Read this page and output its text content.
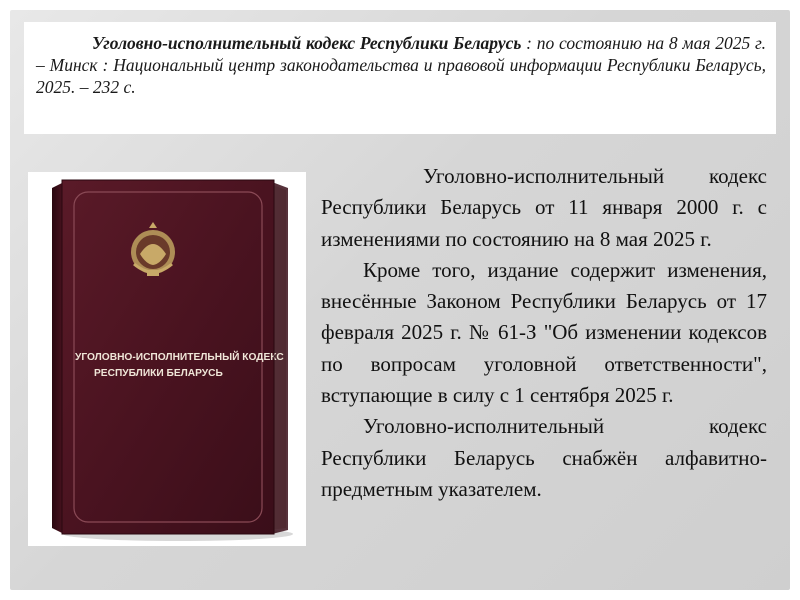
Уголовно-исполнительный кодекс Республики Беларусь : по состоянию на 8 мая 2025 г. – Минск : Национальный центр законодательства и правовой информации Республики Беларусь, 2025. – 232 с.
УГОЛОВНО-ИСПОЛНИТЕЛЬНЫЙ КОДЕКС
РЕСПУБЛИКИ БЕЛАРУСЬ

Уголовно-исполнительный кодекс Республики Беларусь от 11 января 2000 г. с изменениями по состоянию на 8 мая 2025 г.

Кроме того, издание содержит изменения, внесённые Законом Республики Беларусь от 17 февраля 2025 г. № 61-З "Об изменении кодексов по вопросам уголовной ответственности", вступающие в силу с 1 сентября 2025 г.

Уголовно-исполнительный кодекс Республики Беларусь снабжён алфавитно-предметным указателем.
